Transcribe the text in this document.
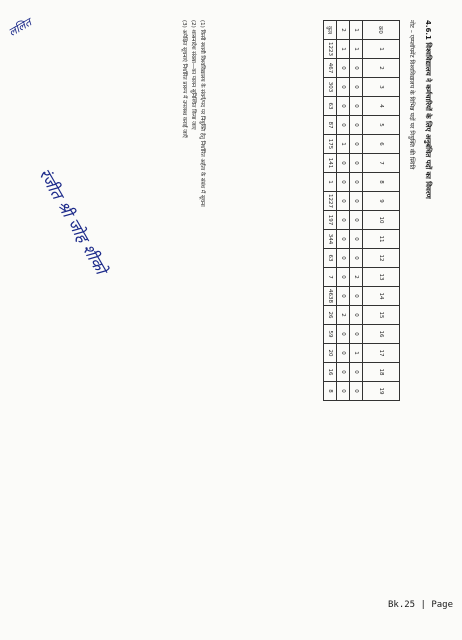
4.6.1 विश्वविद्यालय ने कर्मचारियों के लिए अनुबंधित पदों का विवरण
नोट – एम्प्लॉयमेंट विश्वविद्यालय के विभिन्न पदों पर नियुक्ति की स्थिति
क्र0	1	2	3	4	5	6	7	8	9	10	11	12	13	14	15	16	17	18	19
1	1	0	0	0	0	0	0	0	0	0	0	0	2	0	0	0	1	0	0
2	1	0	0	0	0	1	0	0	0	0	0	0	0	0	2	0	0	0	0
कुल	1223	467	303	63	87	175	141	1	1227	197	344	63	7	4638	26	59	20	16	8

(1) किसी स्थायी विश्वविद्यालय के संवर्ग/पद पर नियुक्ति हेतु निर्धारित अर्हता के संबंध में सूचना

(2) शासनादेश संख्या—का पालन सुनिश्चित किया जाए

(3) अपेक्षित सूचनाएं निर्धारित प्रारूप में उपलब्ध कराई जाएँ

रंजीत श्री जोह शीको
ललित
Bk.25 | Page
